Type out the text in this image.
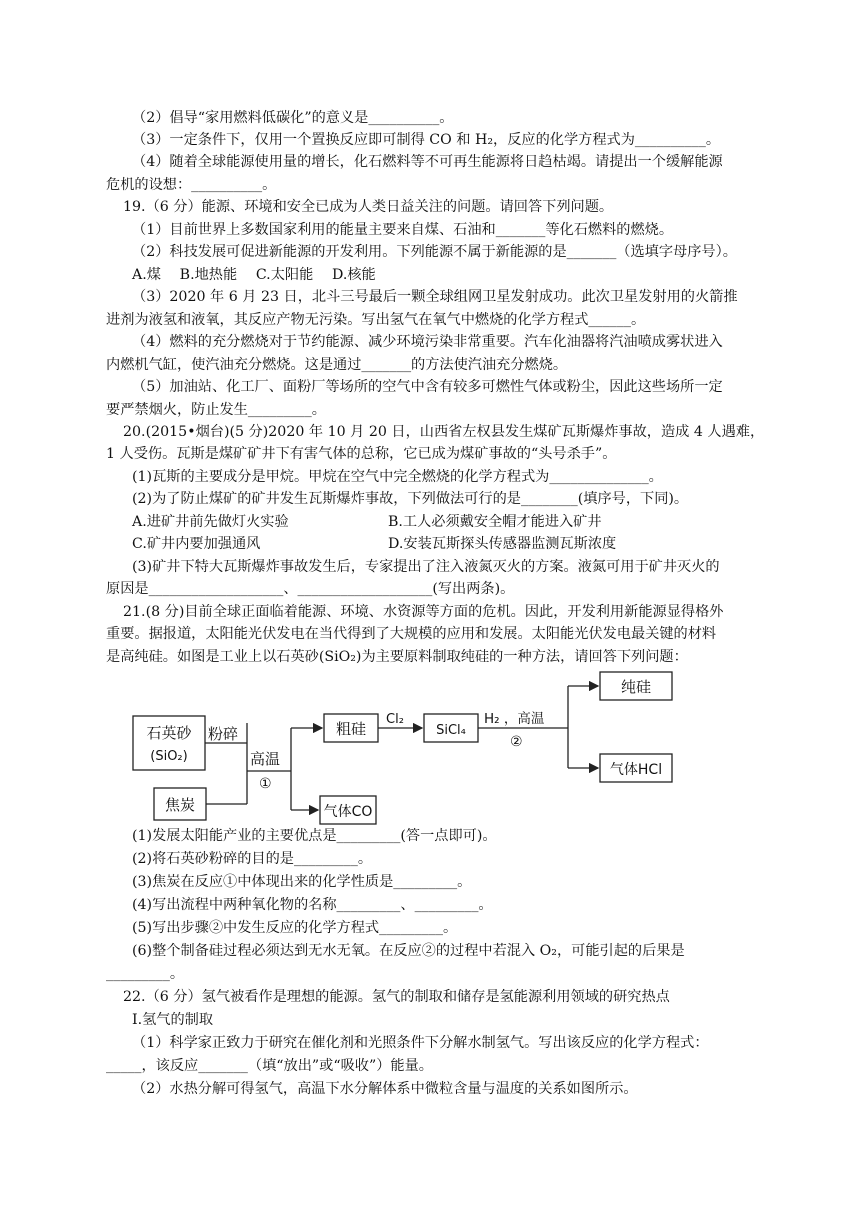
（2）倡导“家用燃料低碳化”的意义是__________。
（3）一定条件下，仅用一个置换反应即可制得 CO 和 H₂，反应的化学方程式为__________。
（4）随着全球能源使用量的增长，化石燃料等不可再生能源将日趋枯竭。请提出一个缓解能源
危机的设想：__________。
19.（6 分）能源、环境和安全已成为人类日益关注的问题。请回答下列问题。
（1）目前世界上多数国家利用的能量主要来自煤、石油和_______等化石燃料的燃烧。
（2）科技发展可促进新能源的开发利用。下列能源不属于新能源的是_______（选填字母序号）。
A.煤　 B.地热能　 C.太阳能　 D.核能
（3）2020 年 6 月 23 日，北斗三号最后一颗全球组网卫星发射成功。此次卫星发射用的火箭推
进剂为液氢和液氧，其反应产物无污染。写出氢气在氧气中燃烧的化学方程式______。
（4）燃料的充分燃烧对于节约能源、减少环境污染非常重要。汽车化油器将汽油喷成雾状进入
内燃机气缸，使汽油充分燃烧。这是通过_______的方法使汽油充分燃烧。
（5）加油站、化工厂、面粉厂等场所的空气中含有较多可燃性气体或粉尘，因此这些场所一定
要严禁烟火，防止发生_________。
20.(2015•烟台)(5 分)2020 年 10 月 20 日，山西省左权县发生煤矿瓦斯爆炸事故，造成 4 人遇难，
1 人受伤。瓦斯是煤矿矿井下有害气体的总称，它已成为煤矿事故的“头号杀手”。
(1)瓦斯的主要成分是甲烷。甲烷在空气中完全燃烧的化学方程式为______________。
(2)为了防止煤矿的矿井发生瓦斯爆炸事故，下列做法可行的是________(填序号，下同)。
A.进矿井前先做灯火实验　　　　　　　B.工人必须戴安全帽才能进入矿井
C.矿井内要加强通风　　　　　　　　　D.安装瓦斯探头传感器监测瓦斯浓度
(3)矿井下特大瓦斯爆炸事故发生后，专家提出了注入液氮灭火的方案。液氮可用于矿井灭火的
原因是___________________、___________________(写出两条)。
21.(8 分)目前全球正面临着能源、环境、水资源等方面的危机。因此，开发利用新能源显得格外
重要。据报道，太阳能光伏发电在当代得到了大规模的应用和发展。太阳能光伏发电最关键的材料
是高纯硅。如图是工业上以石英砂(SiO₂)为主要原料制取纯硅的一种方法，请回答下列问题：
石英砂
(SiO₂)
焦炭
粉碎
高温
①
粗硅
Cl₂
SiCl₄
H₂ ，高温
②
纯硅
气体HCl
气体CO
(1)发展太阳能产业的主要优点是_________(答一点即可)。
(2)将石英砂粉碎的目的是_________。
(3)焦炭在反应①中体现出来的化学性质是_________。
(4)写出流程中两种氧化物的名称_________、_________。
(5)写出步骤②中发生反应的化学方程式_________。
(6)整个制备硅过程必须达到无水无氧。在反应②的过程中若混入 O₂，可能引起的后果是
_________。
22.（6 分）氢气被看作是理想的能源。氢气的制取和储存是氢能源利用领域的研究热点
I.氢气的制取
（1）科学家正致力于研究在催化剂和光照条件下分解水制氢气。写出该反应的化学方程式：
_____，该反应_______（填“放出”或“吸收”）能量。
（2）水热分解可得氢气，高温下水分解体系中微粒含量与温度的关系如图所示。
